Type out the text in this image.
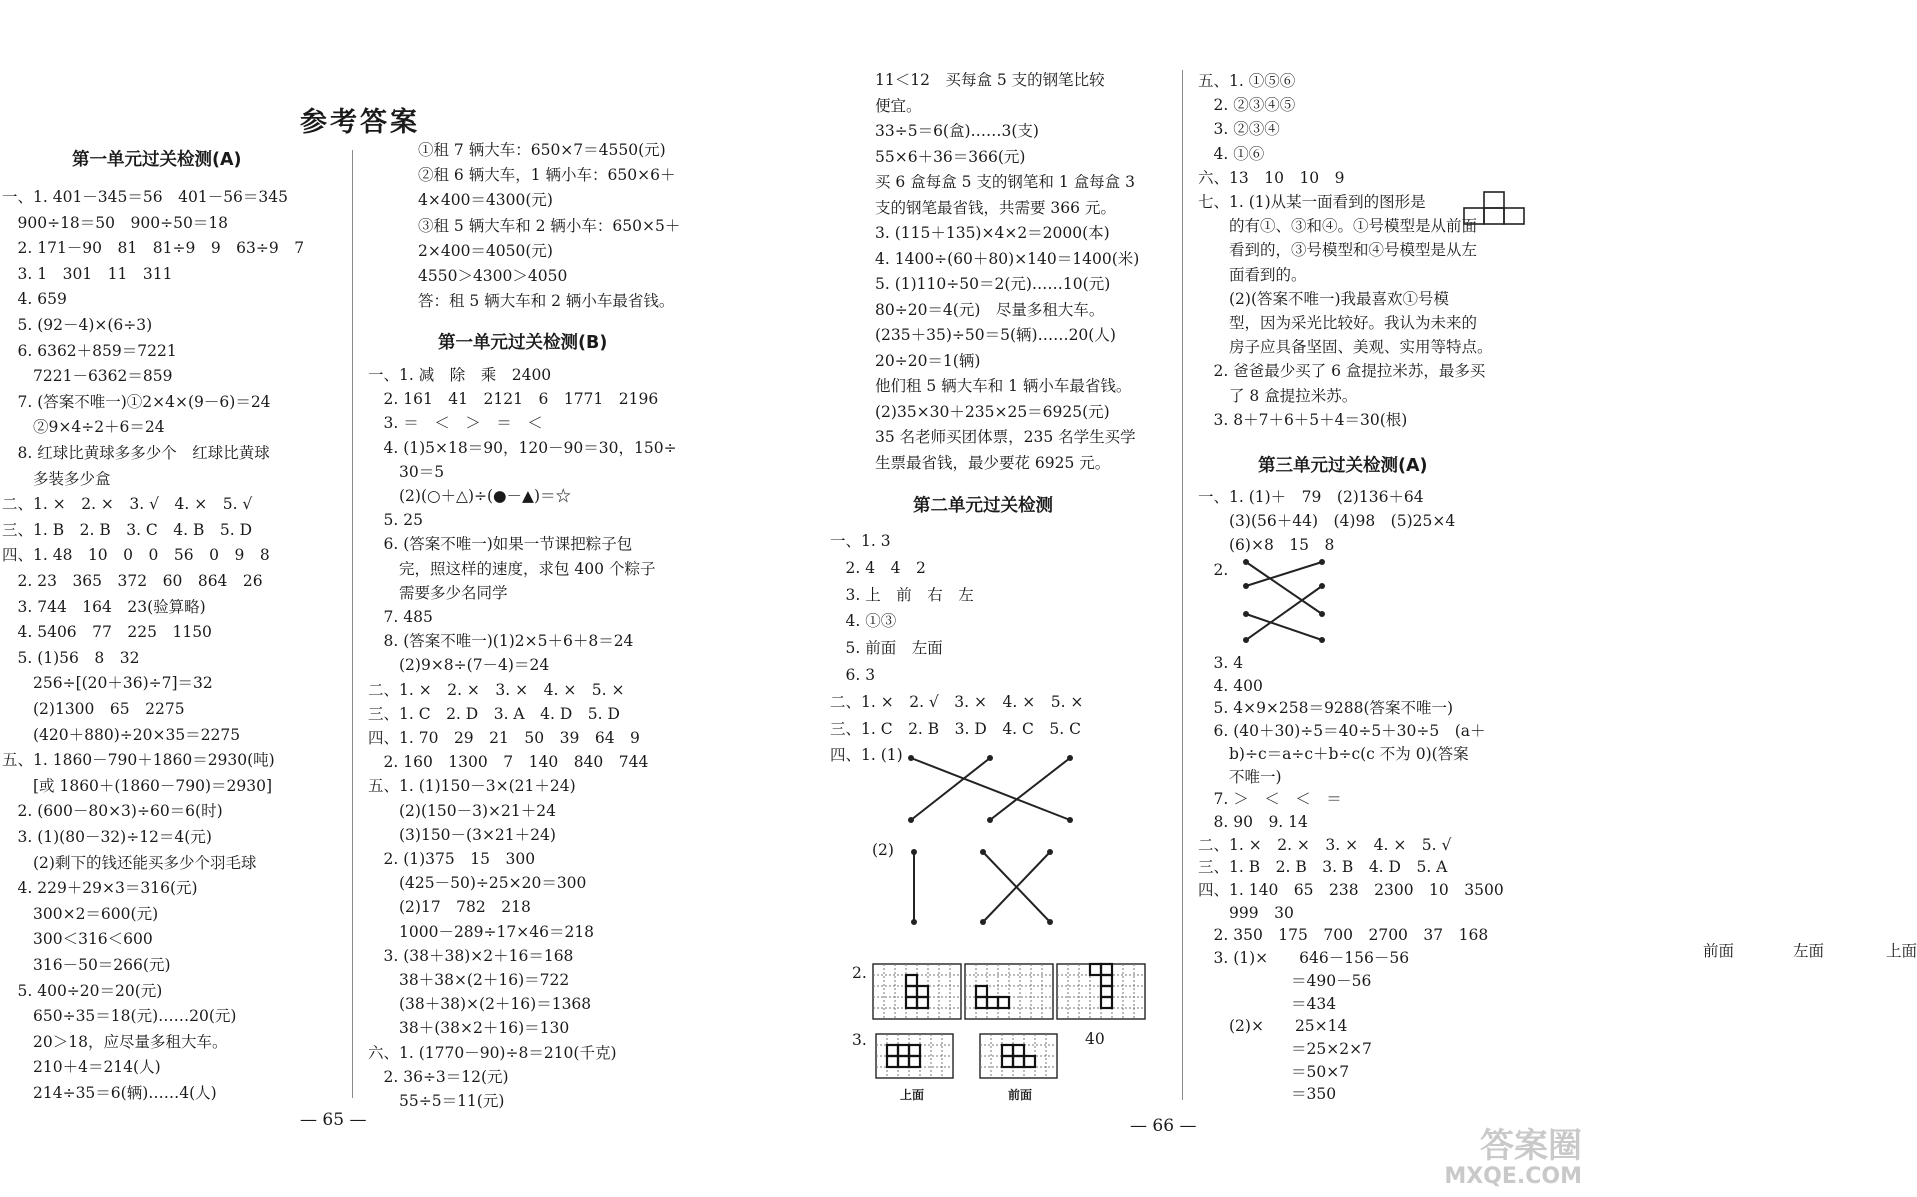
参考答案
第一单元过关检测(A)
一、1. 401－345＝56　401－56＝345
　900÷18＝50　900÷50＝18
　2. 171－90　81　81÷9　9　63÷9　7
　3. 1　301　11　311
　4. 659
　5. (92－4)×(6÷3)
　6. 6362＋859＝7221
　　7221－6362＝859
　7. (答案不唯一)①2×4×(9－6)＝24
　　②9×4÷2＋6＝24
　8. 红球比黄球多多少个　红球比黄球
　　多装多少盒
二、1. ×　2. ×　3. √　4. ×　5. √
三、1. B　2. B　3. C　4. B　5. D
四、1. 48　10　0　0　56　0　9　8
　2. 23　365　372　60　864　26
　3. 744　164　23(验算略)
　4. 5406　77　225　1150
　5. (1)56　8　32
　　256÷[(20＋36)÷7]＝32
　　(2)1300　65　2275
　　(420＋880)÷20×35＝2275
五、1. 1860－790＋1860＝2930(吨)
　　[或 1860＋(1860－790)＝2930]
　2. (600－80×3)÷60＝6(时)
　3. (1)(80－32)÷12＝4(元)
　　(2)剩下的钱还能买多少个羽毛球
　4. 229＋29×3＝316(元)
　　300×2＝600(元)
　　300＜316＜600
　　316－50＝266(元)
　5. 400÷20＝20(元)
　　650÷35＝18(元)……20(元)
　　20＞18，应尽量多租大车。
　　210＋4＝214(人)
　　214÷35＝6(辆)……4(人)
①租 7 辆大车：650×7＝4550(元)
②租 6 辆大车，1 辆小车：650×6＋
4×400＝4300(元)
③租 5 辆大车和 2 辆小车：650×5＋
2×400＝4050(元)
4550＞4300＞4050
答：租 5 辆大车和 2 辆小车最省钱。
第一单元过关检测(B)
一、1. 减　除　乘　2400
　2. 161　41　2121　6　1771　2196
　3. ＝　＜　＞　＝　＜
　4. (1)5×18＝90，120－90＝30，150÷
　　30＝5
　　(2)(○＋△)÷(●－▲)＝☆
　5. 25
　6. (答案不唯一)如果一节课把粽子包
　　完，照这样的速度，求包 400 个粽子
　　需要多少名同学
　7. 485
　8. (答案不唯一)(1)2×5＋6＋8＝24
　　(2)9×8÷(7－4)＝24
二、1. ×　2. ×　3. ×　4. ×　5. ×
三、1. C　2. D　3. A　4. D　5. D
四、1. 70　29　21　50　39　64　9
　2. 160　1300　7　140　840　744
五、1. (1)150－3×(21＋24)
　　(2)(150－3)×21＋24
　　(3)150－(3×21＋24)
　2. (1)375　15　300
　　(425－50)÷25×20＝300
　　(2)17　782　218
　　1000－289÷17×46＝218
　3. (38＋38)×2＋16＝168
　　38＋38×(2＋16)＝722
　　(38＋38)×(2＋16)＝1368
　　38＋(38×2＋16)＝130
六、1. (1770－90)÷8＝210(千克)
　2. 36÷3＝12(元)
　　55÷5＝11(元)
— 65 —
11＜12　买每盒 5 支的钢笔比较
便宜。
33÷5＝6(盒)……3(支)
55×6＋36＝366(元)
买 6 盒每盒 5 支的钢笔和 1 盒每盒 3
支的钢笔最省钱，共需要 366 元。
3. (115＋135)×4×2＝2000(本)
4. 1400÷(60＋80)×140＝1400(米)
5. (1)110÷50＝2(元)……10(元)
80÷20＝4(元)　尽量多租大车。
(235＋35)÷50＝5(辆)……20(人)
20÷20＝1(辆)
他们租 5 辆大车和 1 辆小车最省钱。
(2)35×30＋235×25＝6925(元)
35 名老师买团体票，235 名学生买学
生票最省钱，最少要花 6925 元。
第二单元过关检测
一、1. 3
　2. 4　4　2
　3. 上　前　右　左
　4. ①③
　5. 前面　左面
　6. 3
二、1. ×　2. √　3. ×　4. ×　5. ×
三、1. C　2. B　3. D　4. C　5. C
四、1. (1)
(2)
前面	左面	上面
2.
3.
上面	前面
40
五、1. ①⑤⑥
　2. ②③④⑤
　3. ②③④
　4. ①⑥
六、13　10　10　9
七、1. (1)从某一面看到的图形是
　　的有①、③和④。①号模型是从前面
　　看到的，③号模型和④号模型是从左
　　面看到的。
　　(2)(答案不唯一)我最喜欢①号模
　　型，因为采光比较好。我认为未来的
　　房子应具备坚固、美观、实用等特点。
　2. 爸爸最少买了 6 盒提拉米苏，最多买
　　了 8 盒提拉米苏。
　3. 8＋7＋6＋5＋4＝30(根)
第三单元过关检测(A)
一、1. (1)＋　79　(2)136＋64
　　(3)(56＋44)　(4)98　(5)25×4
　　(6)×8　15　8
　2.
　3. 4
　4. 400
　5. 4×9×258＝9288(答案不唯一)
　6. (40＋30)÷5＝40÷5＋30÷5　(a＋
　　b)÷c＝a÷c＋b÷c(c 不为 0)(答案
　　不唯一)
　7. ＞　＜　＜　＝
　8. 90　9. 14
二、1. ×　2. ×　3. ×　4. ×　5. √
三、1. B　2. B　3. B　4. D　5. A
四、1. 140　65　238　2300　10　3500
　　999　30
　2. 350　175　700　2700　37　168
　3. (1)×　　646－156－56
　　　　　　＝490－56
　　　　　　＝434
　　(2)×　　25×14
　　　　　　＝25×2×7
　　　　　　＝50×7
　　　　　　＝350
— 66 —	答案圈
MXQE.COM
